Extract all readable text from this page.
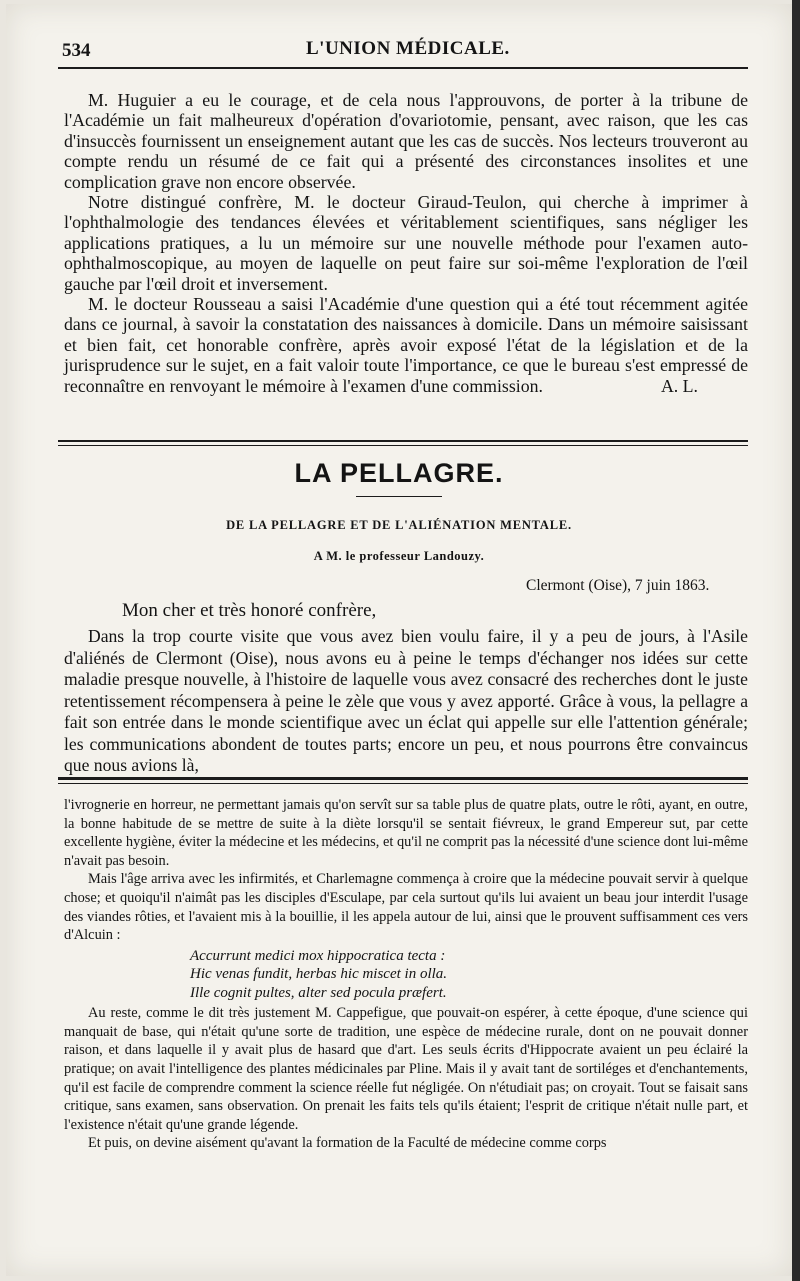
534	L'UNION MÉDICALE.

M. Huguier a eu le courage, et de cela nous l'approuvons, de porter à la tribune de l'Académie un fait malheureux d'opération d'ovariotomie, pensant, avec raison, que les cas d'insuccès fournissent un enseignement autant que les cas de succès. Nos lecteurs trouveront au compte rendu un résumé de ce fait qui a présenté des circonstances insolites et une complication grave non encore observée.

Notre distingué confrère, M. le docteur Giraud-Teulon, qui cherche à imprimer à l'ophthalmologie des tendances élevées et véritablement scientifiques, sans négliger les applications pratiques, a lu un mémoire sur une nouvelle méthode pour l'examen auto-ophthalmoscopique, au moyen de laquelle on peut faire sur soi-même l'exploration de l'œil gauche par l'œil droit et inversement.

M. le docteur Rousseau a saisi l'Académie d'une question qui a été tout récemment agitée dans ce journal, à savoir la constatation des naissances à domicile. Dans un mémoire saisissant et bien fait, cet honorable confrère, après avoir exposé l'état de la législation et de la jurisprudence sur le sujet, en a fait valoir toute l'importance, ce que le bureau s'est empressé de reconnaître en renvoyant le mémoire à l'examen d'une commission.	A. L.
LA PELLAGRE.
DE LA PELLAGRE ET DE L'ALIÉNATION MENTALE.
A M. le professeur Landouzy.
Clermont (Oise), 7 juin 1863.
Mon cher et très honoré confrère,

Dans la trop courte visite que vous avez bien voulu faire, il y a peu de jours, à l'Asile d'aliénés de Clermont (Oise), nous avons eu à peine le temps d'échanger nos idées sur cette maladie presque nouvelle, à l'histoire de laquelle vous avez consacré des recherches dont le juste retentissement récompensera à peine le zèle que vous y avez apporté. Grâce à vous, la pellagre a fait son entrée dans le monde scientifique avec un éclat qui appelle sur elle l'attention générale; les communications abondent de toutes parts; encore un peu, et nous pourrons être convaincus que nous avions là,

l'ivrognerie en horreur, ne permettant jamais qu'on servît sur sa table plus de quatre plats, outre le rôti, ayant, en outre, la bonne habitude de se mettre de suite à la diète lorsqu'il se sentait fiévreux, le grand Empereur sut, par cette excellente hygiène, éviter la médecine et les médecins, et qu'il ne comprit pas la nécessité d'une science dont lui-même n'avait pas besoin.

Mais l'âge arriva avec les infirmités, et Charlemagne commença à croire que la médecine pouvait servir à quelque chose; et quoiqu'il n'aimât pas les disciples d'Esculape, par cela surtout qu'ils lui avaient un beau jour interdit l'usage des viandes rôties, et l'avaient mis à la bouillie, il les appela autour de lui, ainsi que le prouvent suffisamment ces vers d'Alcuin :

Accurrunt medici mox hippocratica tecta :
Hic venas fundit, herbas hic miscet in olla.
Ille cognit pultes, alter sed pocula præfert.

Au reste, comme le dit très justement M. Cappefigue, que pouvait-on espérer, à cette époque, d'une science qui manquait de base, qui n'était qu'une sorte de tradition, une espèce de médecine rurale, dont on ne pouvait donner raison, et dans laquelle il y avait plus de hasard que d'art. Les seuls écrits d'Hippocrate avaient un peu éclairé la pratique; on avait l'intelligence des plantes médicinales par Pline. Mais il y avait tant de sortiléges et d'enchantements, qu'il est facile de comprendre comment la science réelle fut négligée. On n'étudiait pas; on croyait. Tout se faisait sans critique, sans examen, sans observation. On prenait les faits tels qu'ils étaient; l'esprit de critique n'était nulle part, et l'existence n'était qu'une grande légende.

Et puis, on devine aisément qu'avant la formation de la Faculté de médecine comme corps
